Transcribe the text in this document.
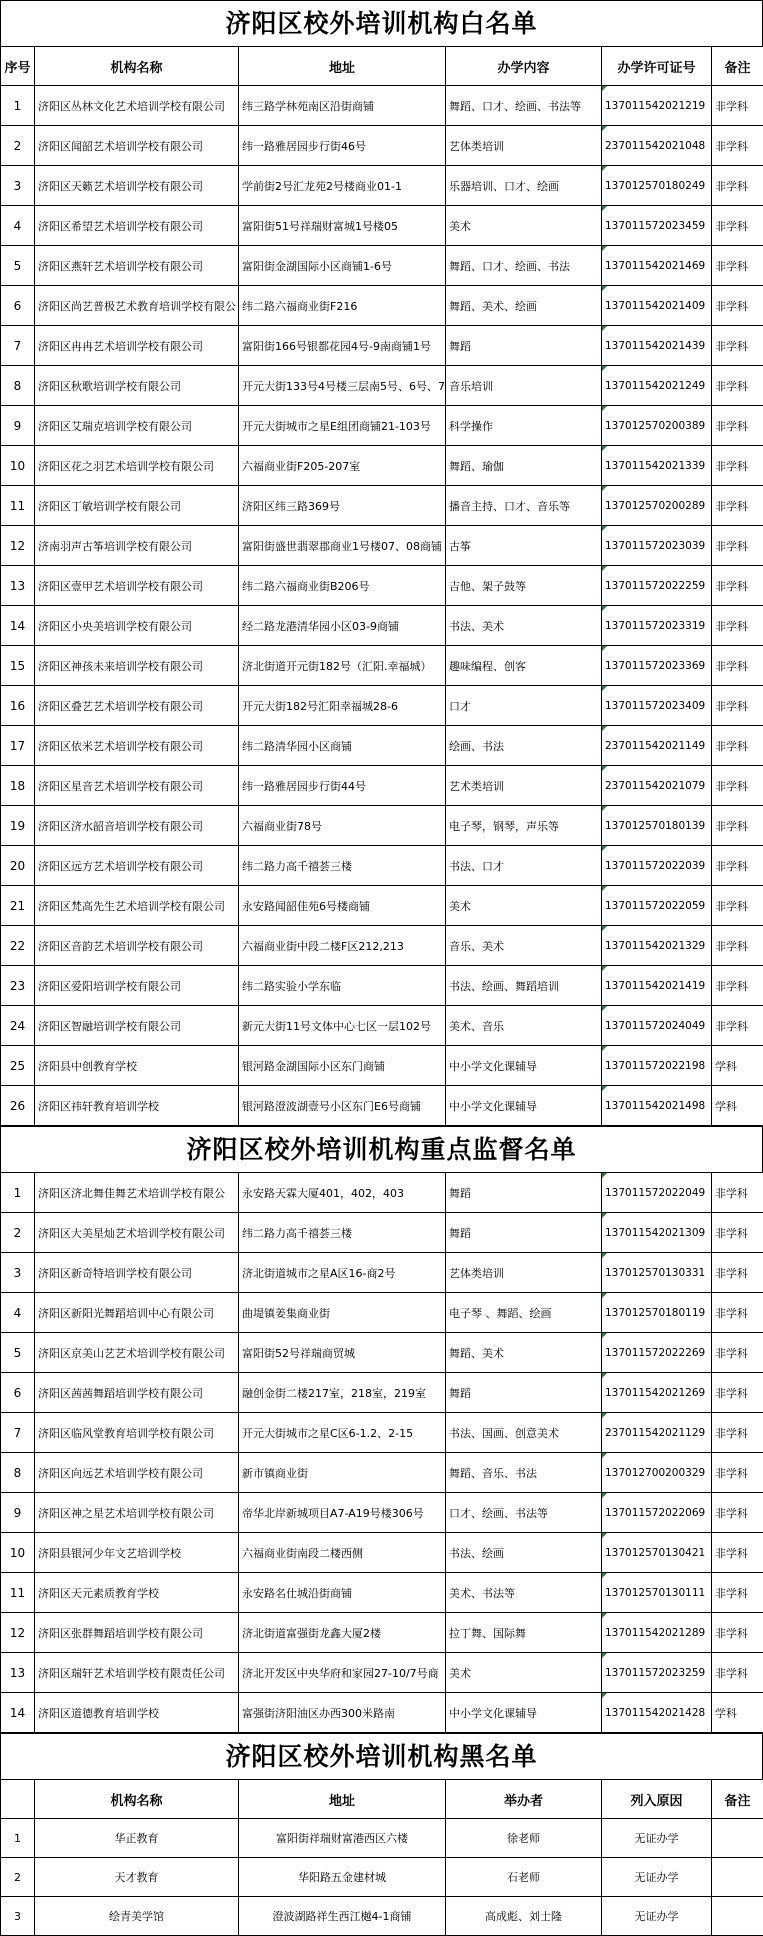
济阳区校外培训机构白名单
序号	机构名称	地址	办学内容	办学许可证号	备注
1	济阳区丛林文化艺术培训学校有限公司	纬三路学林苑南区沿街商铺	舞蹈、口才、绘画、书法等	137011542021219	非学科
2	济阳区闻韶艺术培训学校有限公司	纬一路雅居园步行街46号	艺体类培训	237011542021048	非学科
3	济阳区天籁艺术培训学校有限公司	学前街2号汇龙苑2号楼商业01-1	乐器培训、口才、绘画	137012570180249	非学科
4	济阳区希望艺术培训学校有限公司	富阳街51号祥瑞财富城1号楼05	美术	137011572023459	非学科
5	济阳区燕轩艺术培训学校有限公司	富阳街金湖国际小区商铺1-6号	舞蹈、口才、绘画、书法	137011542021469	非学科
6	济阳区尚艺普极艺术教育培训学校有限公	纬二路六福商业街F216	舞蹈、美术、绘画	137011542021409	非学科
7	济阳区冉冉艺术培训学校有限公司	富阳街166号银都花园4号-9南商铺1号	舞蹈	137011542021439	非学科
8	济阳区秋歌培训学校有限公司	开元大街133号4号楼三层南5号、6号、7	音乐培训	137011542021249	非学科
9	济阳区艾瑞克培训学校有限公司	开元大街城市之星E组团商铺21-103号	科学操作	137012570200389	非学科
10	济阳区花之羽艺术培训学校有限公司	六福商业街F205-207室	舞蹈、瑜伽	137011542021339	非学科
11	济阳区丁敏培训学校有限公司	济阳区纬三路369号	播音主持、口才、音乐等	137012570200289	非学科
12	济南羽声古筝培训学校有限公司	富阳街盛世翡翠郡商业1号楼07、08商铺	古筝	137011572023039	非学科
13	济阳区壹甲艺术培训学校有限公司	纬二路六福商业街B206号	吉他、架子鼓等	137011572022259	非学科
14	济阳区小央美培训学校有限公司	经二路龙港清华园小区03-9商铺	书法、美术	137011572023319	非学科
15	济阳区神孩未来培训学校有限公司	济北街道开元街182号（汇阳.幸福城）	趣味编程、创客	137011572023369	非学科
16	济阳区叠艺艺术培训学校有限公司	开元大街182号汇阳幸福城28-6	口才	137011572023409	非学科
17	济阳区依米艺术培训学校有限公司	纬二路清华园小区商铺	绘画、书法	237011542021149	非学科
18	济阳区星音艺术培训学校有限公司	纬一路雅居园步行街44号	艺术类培训	237011542021079	非学科
19	济阳区济水韶音培训学校有限公司	六福商业街78号	电子琴，钢琴，声乐等	137012570180139	非学科
20	济阳区远方艺术培训学校有限公司	纬二路力高千禧荟三楼	书法、口才	137011572022039	非学科
21	济阳区梵高先生艺术培训学校有限公司	永安路闻韶佳苑6号楼商铺	美术	137011572022059	非学科
22	济阳区音韵艺术培训学校有限公司	六福商业街中段二楼F区212,213	音乐、美术	137011542021329	非学科
23	济阳区爱阳培训学校有限公司	纬二路实验小学东临	书法、绘画、舞蹈培训	137011542021419	非学科
24	济阳区智融培训学校有限公司	新元大街11号文体中心七区一层102号	美术、音乐	137011572024049	非学科
25	济阳县中创教育学校	银河路金湖国际小区东门商铺	中小学文化课辅导	137011572022198	学科
26	济阳区祎轩教育培训学校	银河路澄波湖壹号小区东门E6号商铺	中小学文化课辅导	137011542021498	学科
济阳区校外培训机构重点监督名单
1	济阳区济北舞佳舞艺术培训学校有限公	永安路天霖大厦401，402，403	舞蹈	137011572022049	非学科
2	济阳区大美星灿艺术培训学校有限公司	纬二路力高千禧荟三楼	舞蹈	137011542021309	非学科
3	济阳区新奇特培训学校有限公司	济北街道城市之星A区16-商2号	艺体类培训	137012570130331	非学科
4	济阳区新阳光舞蹈培训中心有限公司	曲堤镇姜集商业街	电子琴 、舞蹈、绘画	137012570180119	非学科
5	济阳区京美山艺艺术培训学校有限公司	富阳街52号祥瑞商贸城	舞蹈、美术	137011572022269	非学科
6	济阳区茜茜舞蹈培训学校有限公司	融创金街二楼217室，218室，219室	舞蹈	137011542021269	非学科
7	济阳区临风堂教育培训学校有限公司	开元大街城市之星C区6-1.2、2-15	书法、国画、创意美术	237011542021129	非学科
8	济阳区向远艺术培训学校有限公司	新市镇商业街	舞蹈、音乐、书法	137012700200329	非学科
9	济阳区神之星艺术培训学校有限公司	帝华北岸新城项目A7-A19号楼306号	口才、绘画、书法等	137011572022069	非学科
10	济阳县银河少年文艺培训学校	六福商业街南段二楼西侧	书法、绘画	137012570130421	非学科
11	济阳区天元素质教育学校	永安路名仕城沿街商铺	美术、书法等	137012570130111	非学科
12	济阳区张群舞蹈培训学校有限公司	济北街道富强街龙鑫大厦2楼	拉丁舞、国际舞	137011542021289	非学科
13	济阳区瑞轩艺术培训学校有限责任公司	济北开发区中央华府和家园27-10/7号商	美术	137011572023259	非学科
14	济阳区道德教育培训学校	富强街济阳油区办西300米路南	中小学文化课辅导	137011542021428	学科
济阳区校外培训机构黑名单
	机构名称	地址	举办者	列入原因	备注
1	华正教育	富阳街祥瑞财富港西区六楼	徐老师	无证办学	
2	天才教育	华阳路五金建材城	石老师	无证办学	
3	绘青美学馆	澄波湖路祥生西江樾4-1商铺	高成彪、刘士隆	无证办学	
